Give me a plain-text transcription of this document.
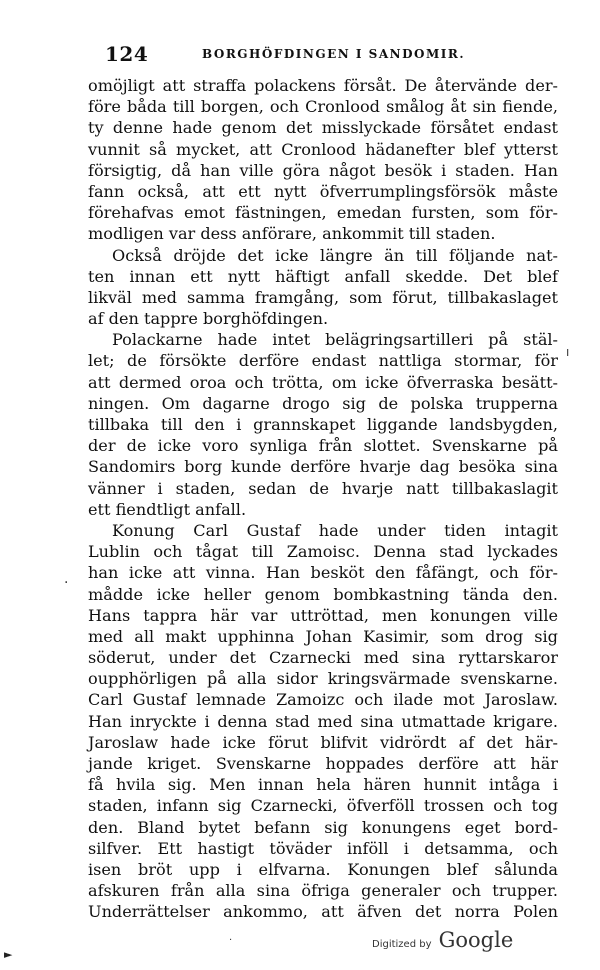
124	BORGHÖFDINGEN I SANDOMIR.
omöjligt att straffa polackens försåt. De återvände der-
före båda till borgen, och Cronlood smålog åt sin fiende,
ty denne hade genom det misslyckade försåtet endast
vunnit så mycket, att Cronlood hädanefter blef ytterst
försigtig, då han ville göra något besök i staden. Han
fann också, att ett nytt öfverrumplingsförsök måste
förehafvas emot fästningen, emedan fursten, som för-
modligen var dess anförare, ankommit till staden.
Också dröjde det icke längre än till följande nat-
ten innan ett nytt häftigt anfall skedde. Det blef
likväl med samma framgång, som förut, tillbakaslaget
af den tappre borghöfdingen.
Polackarne hade intet belägringsartilleri på stäl-
let; de försökte derföre endast nattliga stormar, för
att dermed oroa och trötta, om icke öfverraska besätt-
ningen. Om dagarne drogo sig de polska trupperna
tillbaka till den i grannskapet liggande landsbygden,
der de icke voro synliga från slottet. Svenskarne på
Sandomirs borg kunde derföre hvarje dag besöka sina
vänner i staden, sedan de hvarje natt tillbakaslagit
ett fiendtligt anfall.
Konung Carl Gustaf hade under tiden intagit
Lublin och tågat till Zamoisc. Denna stad lyckades
han icke att vinna. Han besköt den fåfängt, och för-
mådde icke heller genom bombkastning tända den.
Hans tappra här var uttröttad, men konungen ville
med all makt upphinna Johan Kasimir, som drog sig
söderut, under det Czarnecki med sina ryttarskaror
oupphörligen på alla sidor kringsvärmade svenskarne.
Carl Gustaf lemnade Zamoizc och ilade mot Jaroslaw.
Han inryckte i denna stad med sina utmattade krigare.
Jaroslaw hade icke förut blifvit vidrördt af det här-
jande kriget. Svenskarne hoppades derföre att här
få hvila sig. Men innan hela hären hunnit intåga i
staden, infann sig Czarnecki, öfverföll trossen och tog
den. Bland bytet befann sig konungens eget bord-
silfver. Ett hastigt töväder inföll i detsamma, och
isen bröt upp i elfvarna. Konungen blef sålunda
afskuren från alla sina öfriga generaler och trupper.
Underrättelser ankommo, att äfven det norra Polen
ı
.
·
►
Digitized by Google
